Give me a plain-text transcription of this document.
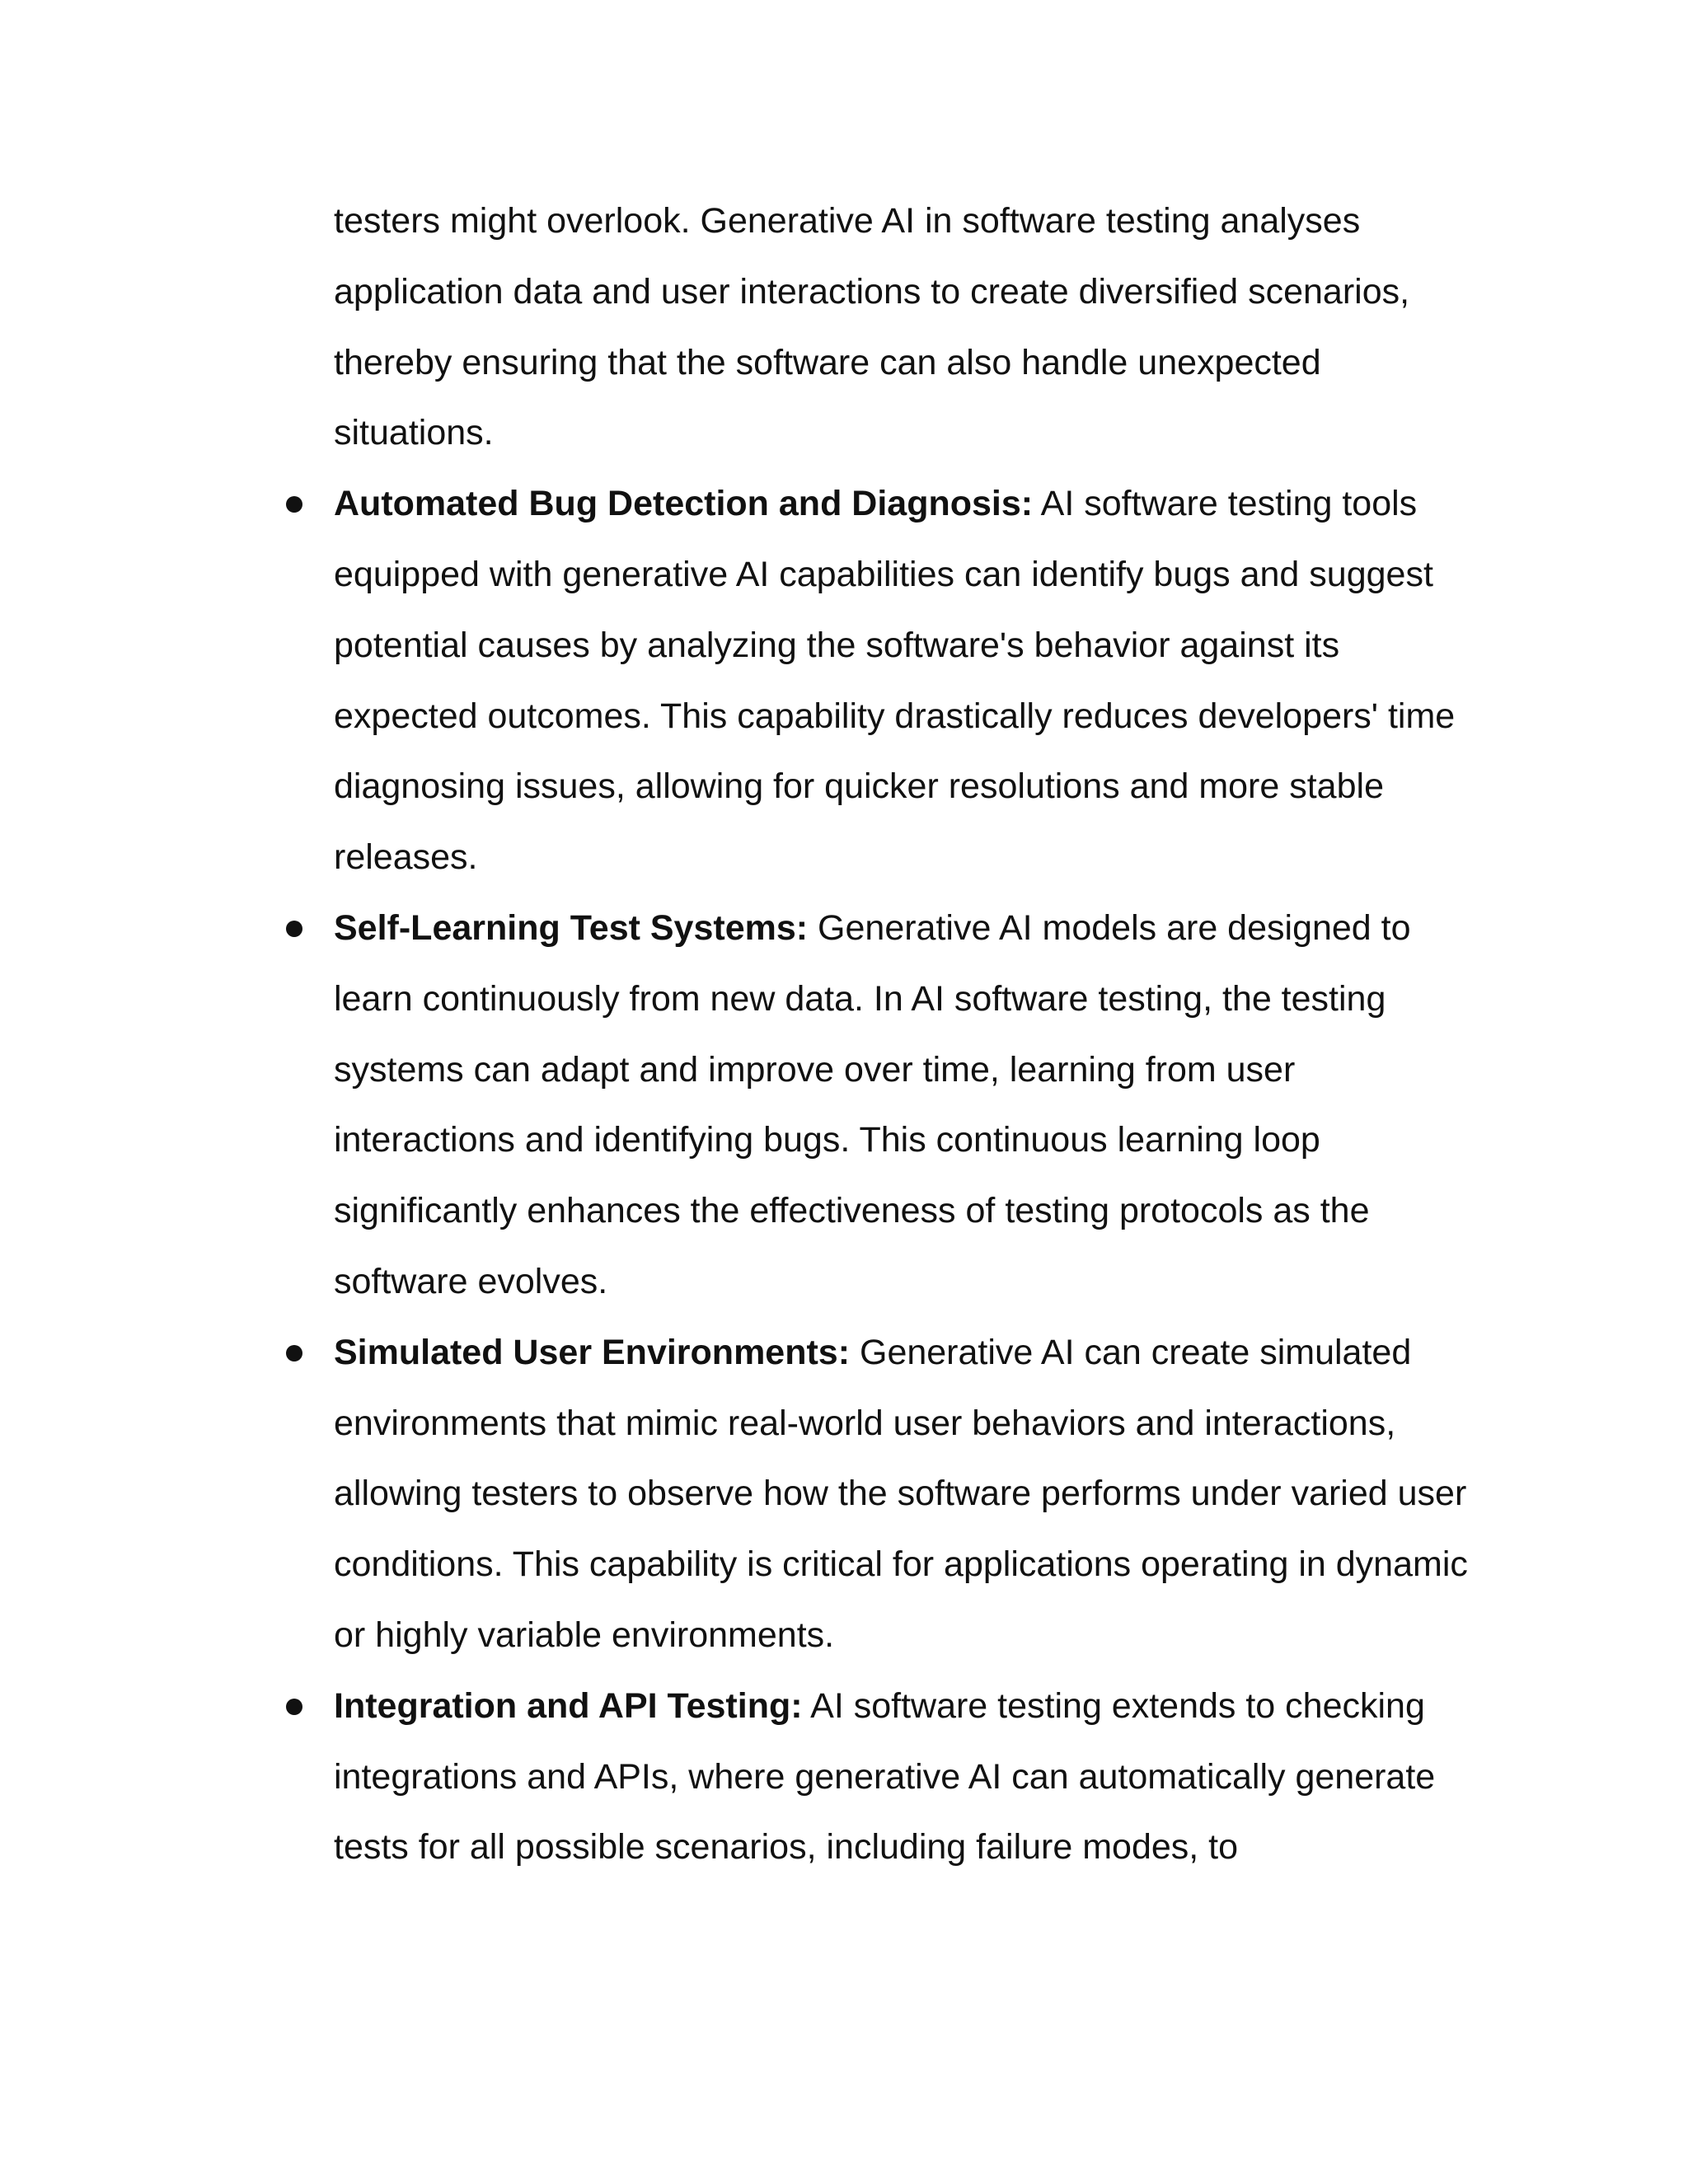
testers might overlook. Generative AI in software testing analyses application data and user interactions to create diversified scenarios, thereby ensuring that the software can also handle unexpected situations.

Automated Bug Detection and Diagnosis: AI software testing tools equipped with generative AI capabilities can identify bugs and suggest potential causes by analyzing the software's behavior against its expected outcomes. This capability drastically reduces developers' time diagnosing issues, allowing for quicker resolutions and more stable releases.
Self-Learning Test Systems: Generative AI models are designed to learn continuously from new data. In AI software testing, the testing systems can adapt and improve over time, learning from user interactions and identifying bugs. This continuous learning loop significantly enhances the effectiveness of testing protocols as the software evolves.
Simulated User Environments: Generative AI can create simulated environments that mimic real-world user behaviors and interactions, allowing testers to observe how the software performs under varied user conditions. This capability is critical for applications operating in dynamic or highly variable environments.
Integration and API Testing: AI software testing extends to checking integrations and APIs, where generative AI can automatically generate tests for all possible scenarios, including failure modes, to
